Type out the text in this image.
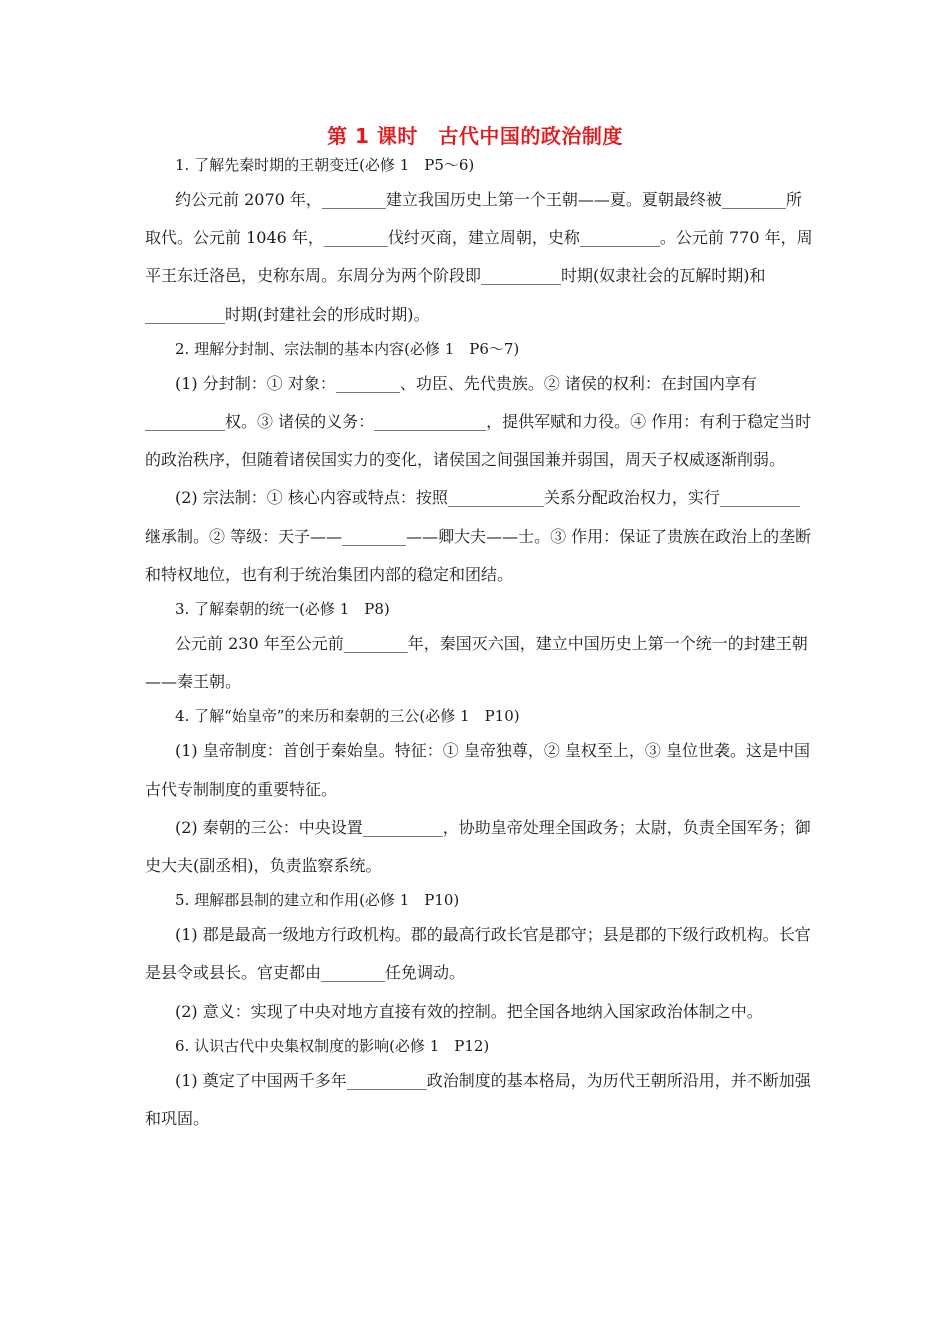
第 1 课时　古代中国的政治制度

1. 了解先秦时期的王朝变迁(必修 1　P5～6)

约公元前 2070 年，________建立我国历史上第一个王朝——夏。夏朝最终被________所取代。公元前 1046 年，________伐纣灭商，建立周朝，史称__________。公元前 770 年，周平王东迁洛邑，史称东周。东周分为两个阶段即__________时期(奴隶社会的瓦解时期)和__________时期(封建社会的形成时期)。

2. 理解分封制、宗法制的基本内容(必修 1　P6～7)

(1) 分封制：① 对象：________、功臣、先代贵族。② 诸侯的权利：在封国内享有__________权。③ 诸侯的义务：______________，提供军赋和力役。④ 作用：有利于稳定当时的政治秩序，但随着诸侯国实力的变化，诸侯国之间强国兼并弱国，周天子权威逐渐削弱。

(2) 宗法制：① 核心内容或特点：按照____________关系分配政治权力，实行__________继承制。② 等级：天子——________——卿大夫——士。③ 作用：保证了贵族在政治上的垄断和特权地位，也有利于统治集团内部的稳定和团结。

3. 了解秦朝的统一(必修 1　P8)

公元前 230 年至公元前________年，秦国灭六国，建立中国历史上第一个统一的封建王朝——秦王朝。

4. 了解“始皇帝”的来历和秦朝的三公(必修 1　P10)

(1) 皇帝制度：首创于秦始皇。特征：① 皇帝独尊，② 皇权至上，③ 皇位世袭。这是中国古代专制制度的重要特征。

(2) 秦朝的三公：中央设置__________，协助皇帝处理全国政务；太尉，负责全国军务；御史大夫(副丞相)，负责监察系统。

5. 理解郡县制的建立和作用(必修 1　P10)

(1) 郡是最高一级地方行政机构。郡的最高行政长官是郡守；县是郡的下级行政机构。长官是县令或县长。官吏都由________任免调动。

(2) 意义：实现了中央对地方直接有效的控制。把全国各地纳入国家政治体制之中。

6. 认识古代中央集权制度的影响(必修 1　P12)

(1) 奠定了中国两千多年__________政治制度的基本格局，为历代王朝所沿用，并不断加强和巩固。
